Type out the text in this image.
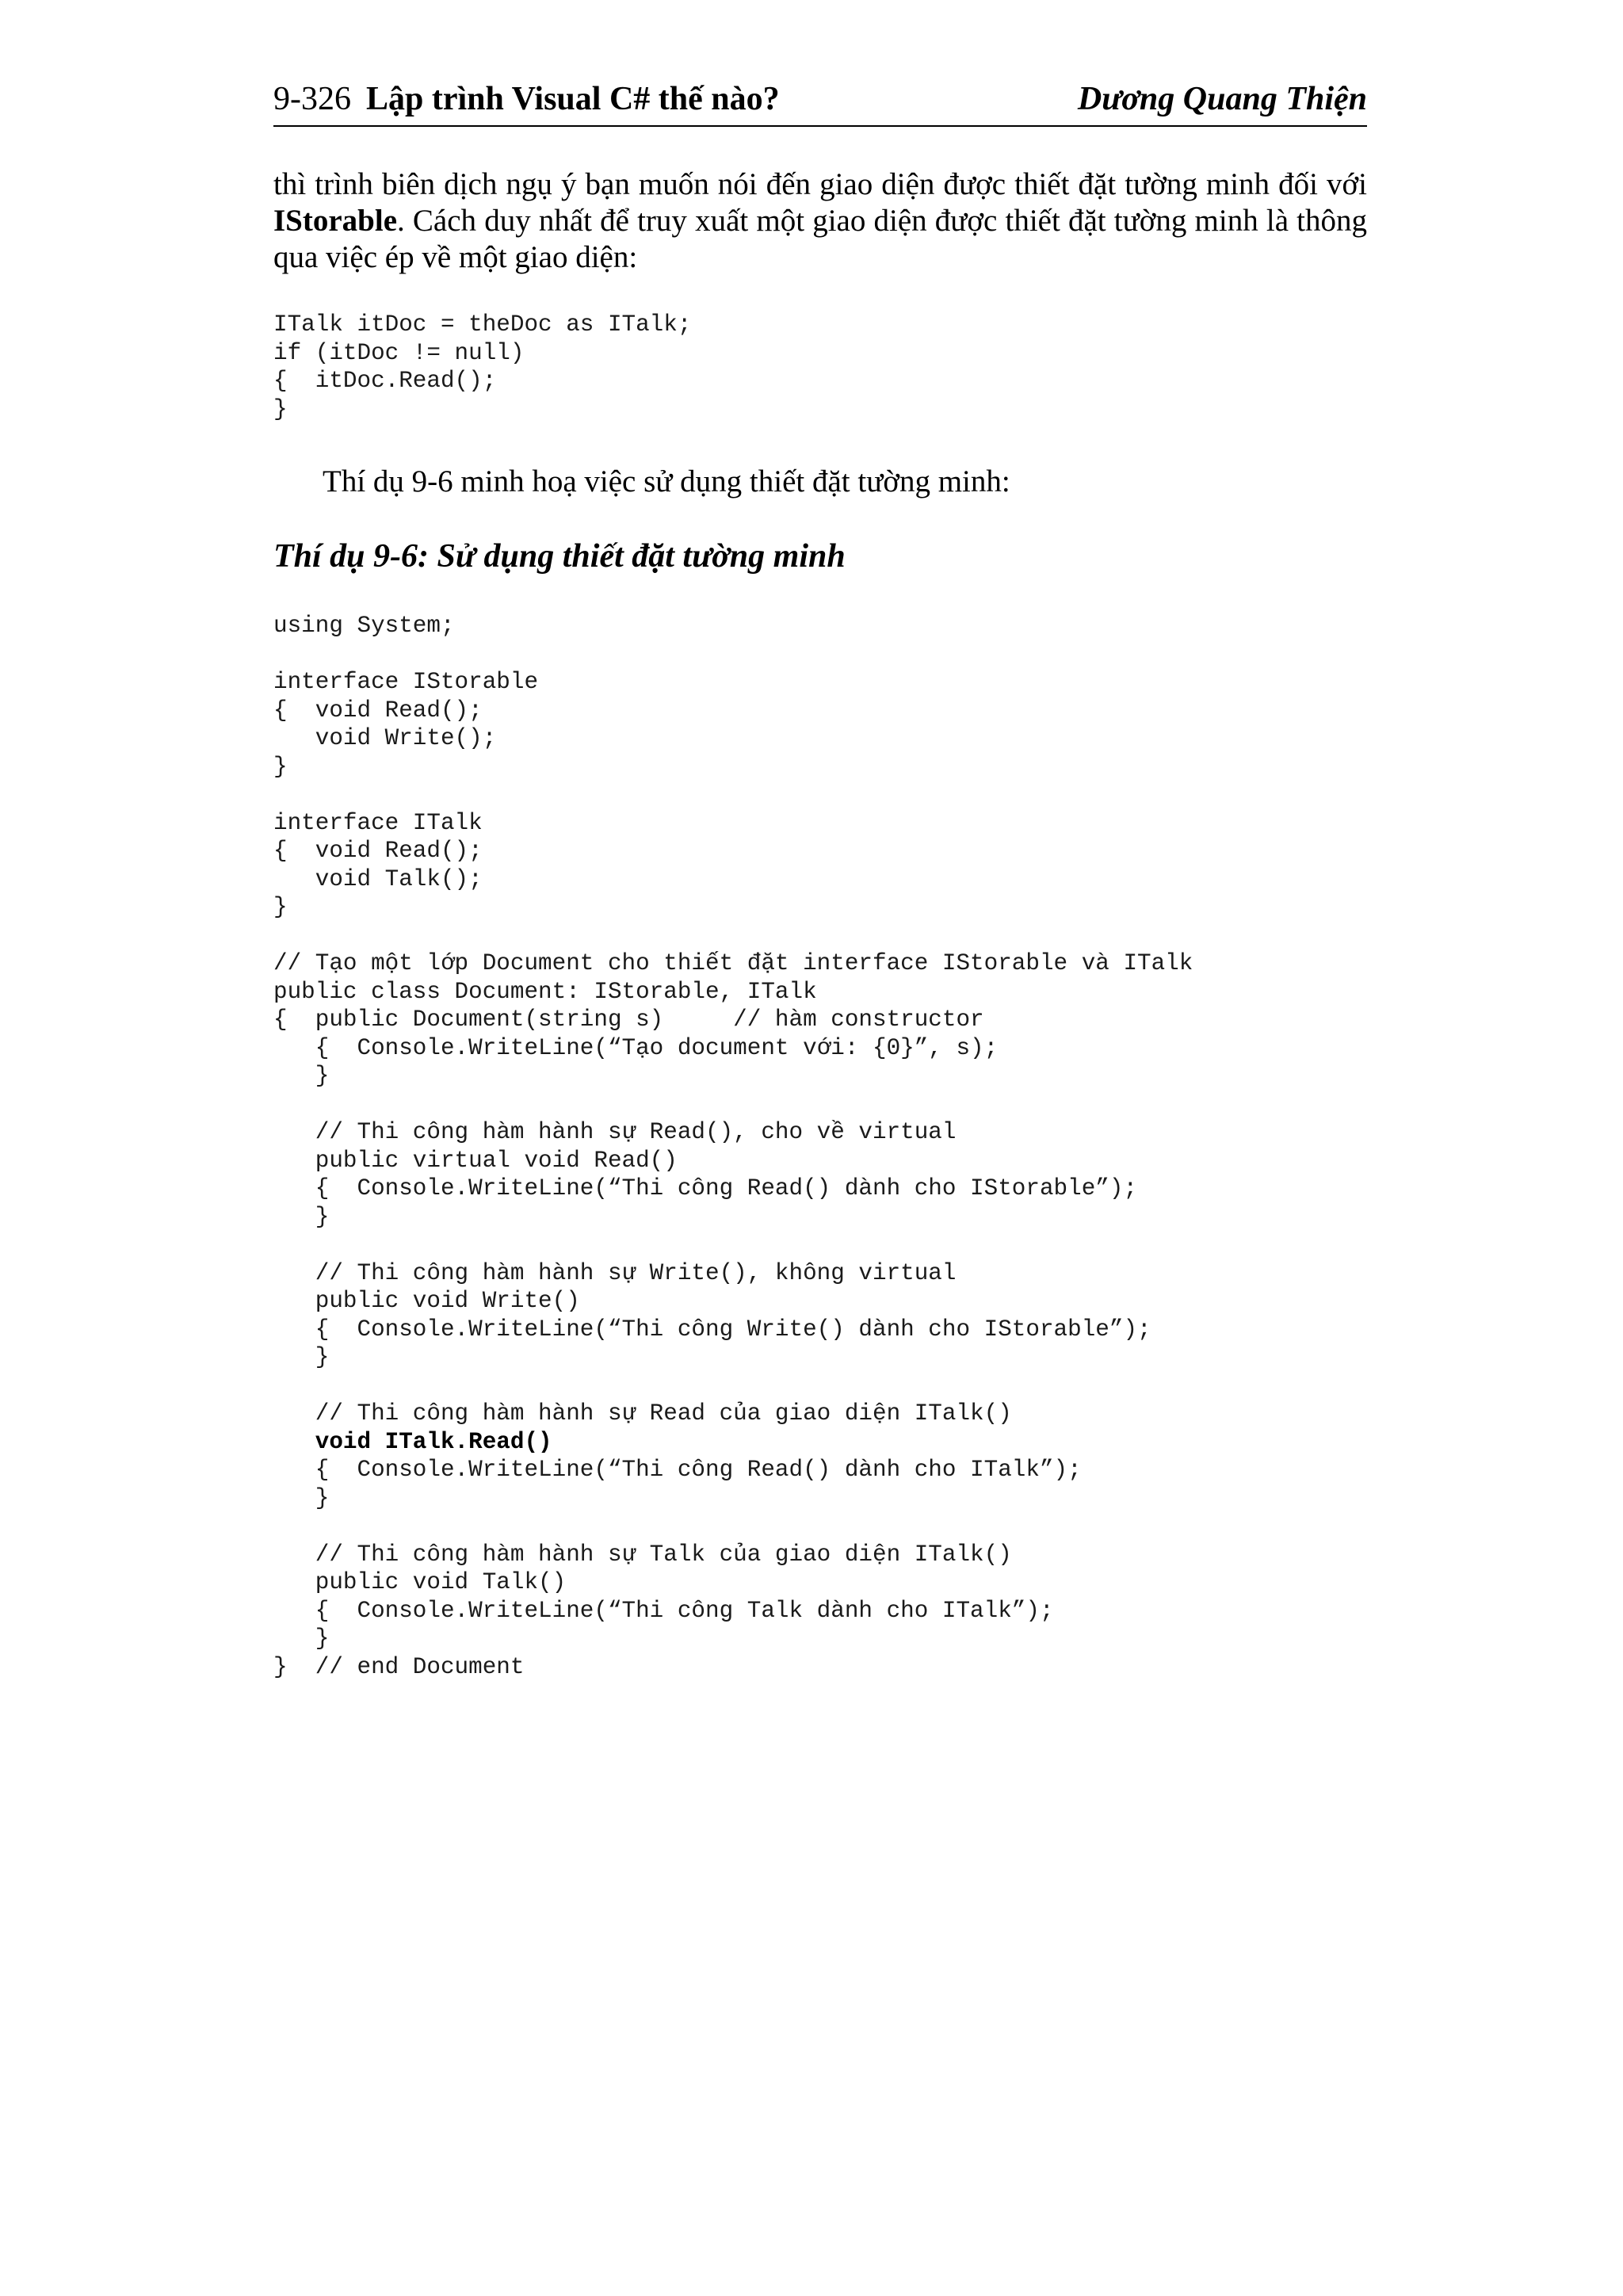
9-326 Lập trình Visual C# thế nào?	Dương Quang Thiện
thì trình biên dịch ngụ ý bạn muốn nói đến giao diện được thiết đặt tường minh đối với
IStorable. Cách duy nhất để truy xuất một giao diện được thiết đặt tường minh là thông
qua việc ép về một giao diện:
ITalk itDoc = theDoc as ITalk;
if (itDoc != null)
{  itDoc.Read();
}
Thí dụ 9-6 minh hoạ việc sử dụng thiết đặt tường minh:
Thí dụ 9-6: Sử dụng thiết đặt tường minh
using System;
interface IStorable
{  void Read();
void Write();
}
interface ITalk
{  void Read();
void Talk();
}
// Tạo một lớp Document cho thiết đặt interface IStorable và ITalk
public class Document: IStorable, ITalk
{  public Document(string s)     // hàm constructor
{  Console.WriteLine(“Tạo document với: {0}”, s);
}
// Thi công hàm hành sự Read(), cho về virtual
public virtual void Read()
{  Console.WriteLine(“Thi công Read() dành cho IStorable”);
}
// Thi công hàm hành sự Write(), không virtual
public void Write()
{  Console.WriteLine(“Thi công Write() dành cho IStorable”);
}
// Thi công hàm hành sự Read của giao diện ITalk()
void ITalk.Read()
{  Console.WriteLine(“Thi công Read() dành cho ITalk”);
}
// Thi công hàm hành sự Talk của giao diện ITalk()
public void Talk()
{  Console.WriteLine(“Thi công Talk dành cho ITalk”);
}
}  // end Document
